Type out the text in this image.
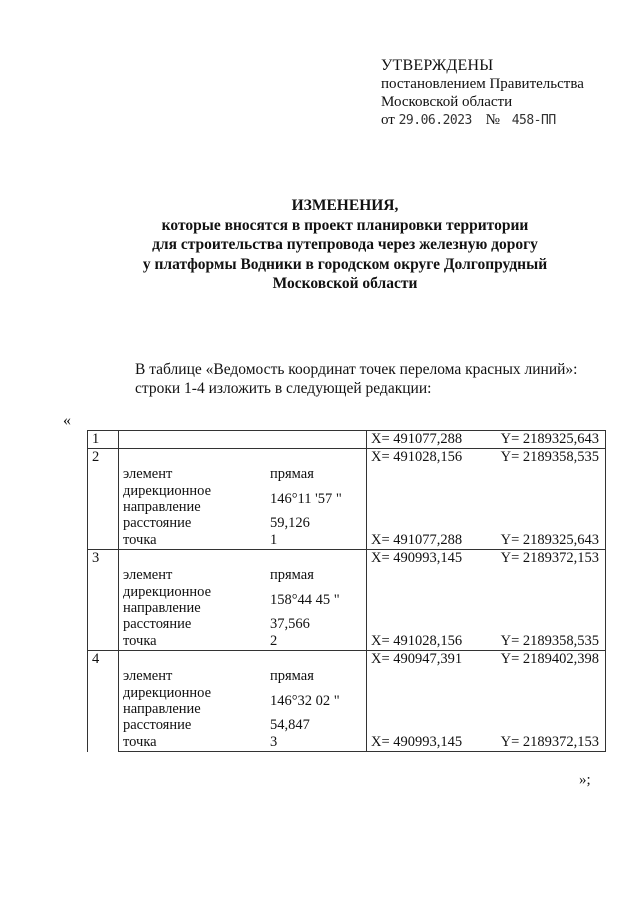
УТВЕРЖДЕНЫ
постановлением Правительства
Московской области
от 29.06.2023 № 458-ПП
ИЗМЕНЕНИЯ,
которые вносятся в проект планировки территории
для строительства путепровода через железную дорогу
у платформы Водники в городском округе Долгопрудный
Московской области
В таблице «Ведомость координат точек перелома красных линий»:
строки 1-4 изложить в следующей редакции:
«
1		X= 491077,288 Y= 2189325,643

2		X= 491028,156 Y= 2189358,535

	элемент прямая	

	дирекционное
направление
146°11 '57 "	

	расстояние 59,126	

	точка 1	X= 491077,288 Y= 2189325,643

3		X= 490993,145 Y= 2189372,153

	элемент прямая	

	дирекционное
направление
158°44 45 "	

	расстояние 37,566	

	точка 2	X= 491028,156 Y= 2189358,535

4		X= 490947,391 Y= 2189402,398

	элемент прямая	

	дирекционное
направление
146°32 02 "	

	расстояние 54,847	

	точка 3	X= 490993,145 Y= 2189372,153
»;
